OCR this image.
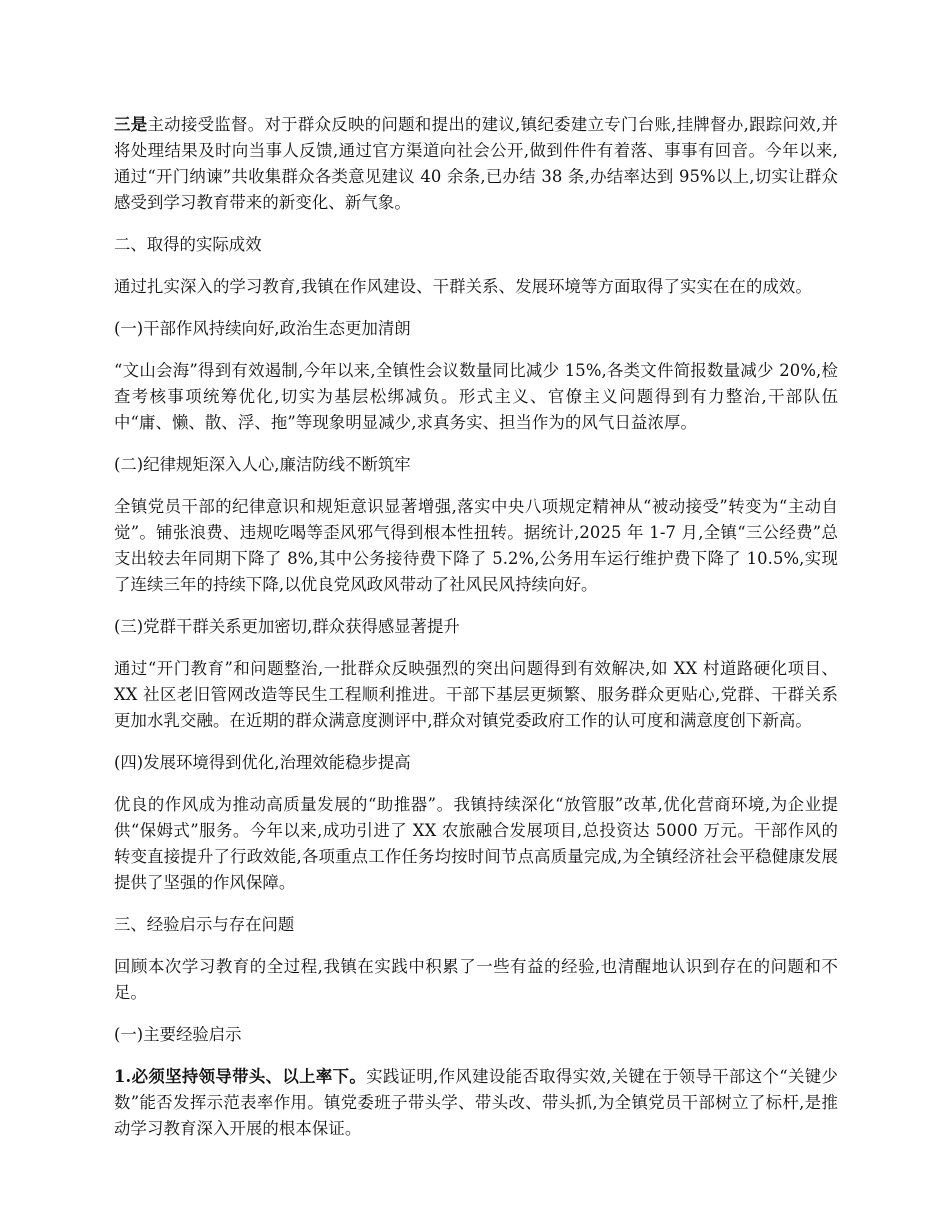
三是主动接受监督。对于群众反映的问题和提出的建议,镇纪委建立专门台账,挂牌督办,跟踪问效,并将处理结果及时向当事人反馈,通过官方渠道向社会公开,做到件件有着落、事事有回音。今年以来,通过“开门纳谏”共收集群众各类意见建议 40 余条,已办结 38 条,办结率达到 95%以上,切实让群众感受到学习教育带来的新变化、新气象。

二、取得的实际成效

通过扎实深入的学习教育,我镇在作风建设、干群关系、发展环境等方面取得了实实在在的成效。

(一)干部作风持续向好,政治生态更加清朗

“文山会海”得到有效遏制,今年以来,全镇性会议数量同比减少 15%,各类文件简报数量减少 20%,检查考核事项统筹优化,切实为基层松绑减负。形式主义、官僚主义问题得到有力整治,干部队伍中“庸、懒、散、浮、拖”等现象明显减少,求真务实、担当作为的风气日益浓厚。

(二)纪律规矩深入人心,廉洁防线不断筑牢

全镇党员干部的纪律意识和规矩意识显著增强,落实中央八项规定精神从“被动接受”转变为“主动自觉”。铺张浪费、违规吃喝等歪风邪气得到根本性扭转。据统计,2025 年 1-7 月,全镇“三公经费”总支出较去年同期下降了 8%,其中公务接待费下降了 5.2%,公务用车运行维护费下降了 10.5%,实现了连续三年的持续下降,以优良党风政风带动了社风民风持续向好。

(三)党群干群关系更加密切,群众获得感显著提升

通过“开门教育”和问题整治,一批群众反映强烈的突出问题得到有效解决,如 XX 村道路硬化项目、XX 社区老旧管网改造等民生工程顺利推进。干部下基层更频繁、服务群众更贴心,党群、干群关系更加水乳交融。在近期的群众满意度测评中,群众对镇党委政府工作的认可度和满意度创下新高。

(四)发展环境得到优化,治理效能稳步提高

优良的作风成为推动高质量发展的“助推器”。我镇持续深化“放管服”改革,优化营商环境,为企业提供“保姆式”服务。今年以来,成功引进了 XX 农旅融合发展项目,总投资达 5000 万元。干部作风的转变直接提升了行政效能,各项重点工作任务均按时间节点高质量完成,为全镇经济社会平稳健康发展提供了坚强的作风保障。

三、经验启示与存在问题

回顾本次学习教育的全过程,我镇在实践中积累了一些有益的经验,也清醒地认识到存在的问题和不足。

(一)主要经验启示

1.必须坚持领导带头、以上率下。实践证明,作风建设能否取得实效,关键在于领导干部这个“关键少数”能否发挥示范表率作用。镇党委班子带头学、带头改、带头抓,为全镇党员干部树立了标杆,是推动学习教育深入开展的根本保证。
